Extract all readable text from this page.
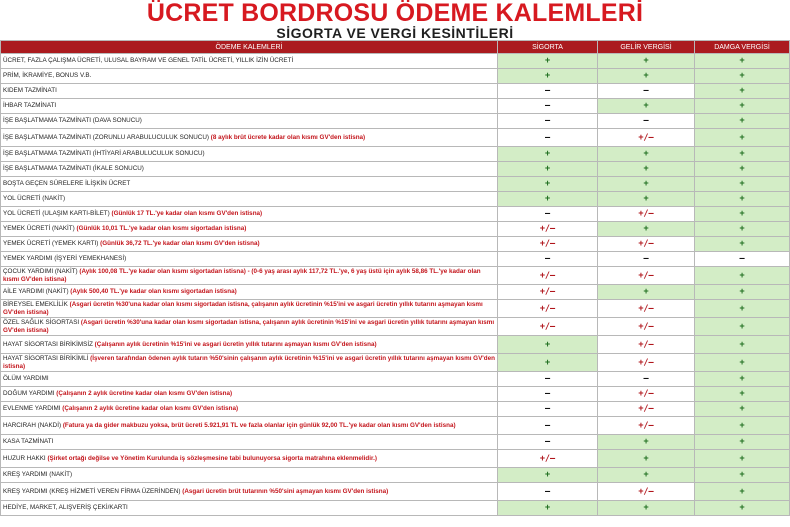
ÜCRET BORDROSU ÖDEME KALEMLERİ
SİGORTA VE VERGİ KESİNTİLERİ
ÖDEME KALEMLERİ	SİGORTA	GELİR VERGİSİ	DAMGA VERGİSİ
ÜCRET, FAZLA ÇALIŞMA ÜCRETİ, ULUSAL BAYRAM VE GENEL TATİL ÜCRETİ, YILLIK İZİN ÜCRETİ	+	+	+
PRİM, İKRAMİYE, BONUS V.B.	+	+	+
KIDEM TAZMİNATI	–	–	+
İHBAR TAZMİNATI	–	+	+
İŞE BAŞLATMAMA TAZMİNATI (DAVA SONUCU)	–	–	+
İŞE BAŞLATMAMA TAZMİNATI (ZORUNLU ARABULUCULUK SONUCU) (8 aylık brüt ücrete kadar olan kısmı GV'den istisna)	–	+/–	+
İŞE BAŞLATMAMA TAZMİNATI (İHTİYARİ ARABULUCULUK SONUCU)	+	+	+
İŞE BAŞLATMAMA TAZMİNATI (İKALE SONUCU)	+	+	+
BOŞTA GEÇEN SÜRELERE İLİŞKİN ÜCRET	+	+	+
YOL ÜCRETİ (NAKİT)	+	+	+
YOL ÜCRETİ (ULAŞIM KARTI-BİLET) (Günlük 17 TL.'ye kadar olan kısmı GV'den istisna)	–	+/–	+
YEMEK ÜCRETİ (NAKİT) (Günlük 10,01 TL.'ye kadar olan kısmı sigortadan istisna)	+/–	+	+
YEMEK ÜCRETİ (YEMEK KARTI) (Günlük 36,72 TL.'ye kadar olan kısmı GV'den istisna)	+/–	+/–	+
YEMEK YARDIMI (İŞYERİ YEMEKHANESİ)	–	–	–
ÇOCUK YARDIMI (NAKİT) (Aylık 100,08 TL.'ye kadar olan kısmı sigortadan istisna) - (0-6 yaş arası aylık 117,72 TL.'ye, 6 yaş üstü için aylık 58,86 TL.'ye kadar olan kısmı GV'den istisna)	+/–	+/–	+
AİLE YARDIMI (NAKİT) (Aylık 500,40 TL.'ye kadar olan kısmı sigortadan istisna)	+/–	+	+
BİREYSEL EMEKLİLİK (Asgari ücretin %30'una kadar olan kısmı sigortadan istisna, çalışanın aylık ücretinin %15'ini ve asgari ücretin yıllık tutarını aşmayan kısmı GV'den istisna)	+/–	+/–	+
ÖZEL SAĞLIK SİGORTASI (Asgari ücretin %30'una kadar olan kısmı sigortadan istisna, çalışanın aylık ücretinin %15'ini ve asgari ücretin yıllık tutarını aşmayan kısmı GV'den istisna)	+/–	+/–	+
HAYAT SİGORTASI BİRİKİMSİZ (Çalışanın aylık ücretinin %15'ini ve asgari ücretin yıllık tutarını aşmayan kısmı GV'den istisna)	+	+/–	+
HAYAT SİGORTASI BİRİKİMLİ (İşveren tarafından ödenen aylık tutarın %50'sinin çalışanın aylık ücretinin %15'ini ve asgari ücretin yıllık tutarını aşmayan kısmı GV'den istisna)	+	+/–	+
ÖLÜM YARDIMI	–	–	+
DOĞUM YARDIMI (Çalışanın 2 aylık ücretine kadar olan kısmı GV'den istisna)	–	+/–	+
EVLENME YARDIMI (Çalışanın 2 aylık ücretine kadar olan kısmı GV'den istisna)	–	+/–	+
HARCIRAH (NAKDİ) (Fatura ya da gider makbuzu yoksa, brüt ücreti 5.921,91 TL ve fazla olanlar için günlük 92,00 TL.'ye kadar olan kısmı GV'den istisna)	–	+/–	+
KASA TAZMİNATI	–	+	+
HUZUR HAKKI (Şirket ortağı değilse ve Yönetim Kurulunda iş sözleşmesine tabi bulunuyorsa sigorta matrahına eklenmelidir.)	+/–	+	+
KREŞ YARDIMI (NAKİT)	+	+	+
KREŞ YARDIMI (KREŞ HİZMETİ VEREN FİRMA ÜZERİNDEN) (Asgari ücretin brüt tutarının %50'sini aşmayan kısmı GV'den istisna)	–	+/–	+
HEDİYE, MARKET, ALIŞVERİŞ ÇEKİ/KARTI	+	+	+
